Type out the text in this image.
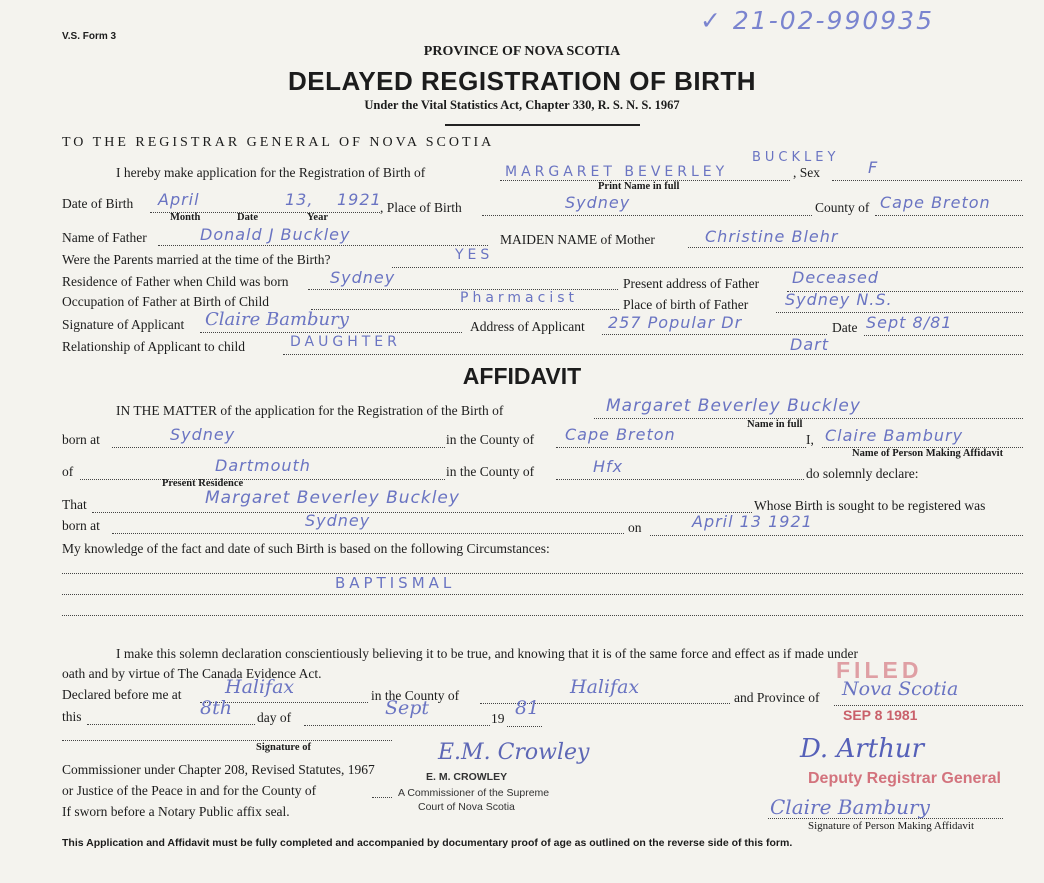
V.S. Form 3
✓ 21-02-990935
PROVINCE OF NOVA SCOTIA
DELAYED REGISTRATION OF BIRTH
Under the Vital Statistics Act, Chapter 330, R. S. N. S. 1967
TO THE REGISTRAR GENERAL OF NOVA SCOTIA
I hereby make application for the Registration of Birth of	MARGARET BEVERLEY
BUCKLEY
, Sex	F
Print Name in full
Date of Birth April	13, 1921
Month	Date	Year
, Place of Birth	Sydney	County of Cape Breton
Name of Father	Donald J Buckley	MAIDEN NAME of Mother	Christine Blehr
Were the Parents married at the time of the Birth?	YES
Residence of Father when Child was born	Sydney	Present address of Father Deceased
Occupation of Father at Birth of Child	Pharmacist	Place of birth of Father Sydney N.S.
Signature of Applicant Claire Bambury	Address of Applicant 257 Popular Dr	Date Sept 8/81
Relationship of Applicant to child	DAUGHTER	Dart
AFFIDAVIT
IN THE MATTER of the application for the Registration of the Birth of	Margaret Beverley Buckley
Name in full
born at	Sydney	in the County of Cape Breton	I, Claire Bambury
Name of Person Making Affidavit
of	Dartmouth	in the County of	Hfx	do solemnly declare:
Present Residence
That	Margaret Beverley Buckley	Whose Birth is sought to be registered was
born at	Sydney	on	April 13 1921
My knowledge of the fact and date of such Birth is based on the following Circumstances:
BAPTISMAL
I make this solemn declaration conscientiously believing it to be true, and knowing that it is of the same force and effect as if made under
oath and by virtue of The Canada Evidence Act.
Declared before me at Halifax	in the County of	Halifax	and Province of Nova Scotia
this	8th day of	Sept	19 81
Signature of
Commissioner under Chapter 208, Revised Statutes, 1967
or Justice of the Peace in and for the County of
If sworn before a Notary Public affix seal.
E.M. Crowley
E. M. CROWLEY
A Commissioner of the Supreme
Court of Nova Scotia
FILED
SEP 8 1981
D. Arthur
Deputy Registrar General
Claire Bambury
Signature of Person Making Affidavit
This Application and Affidavit must be fully completed and accompanied by documentary proof of age as outlined on the reverse side of this form.
